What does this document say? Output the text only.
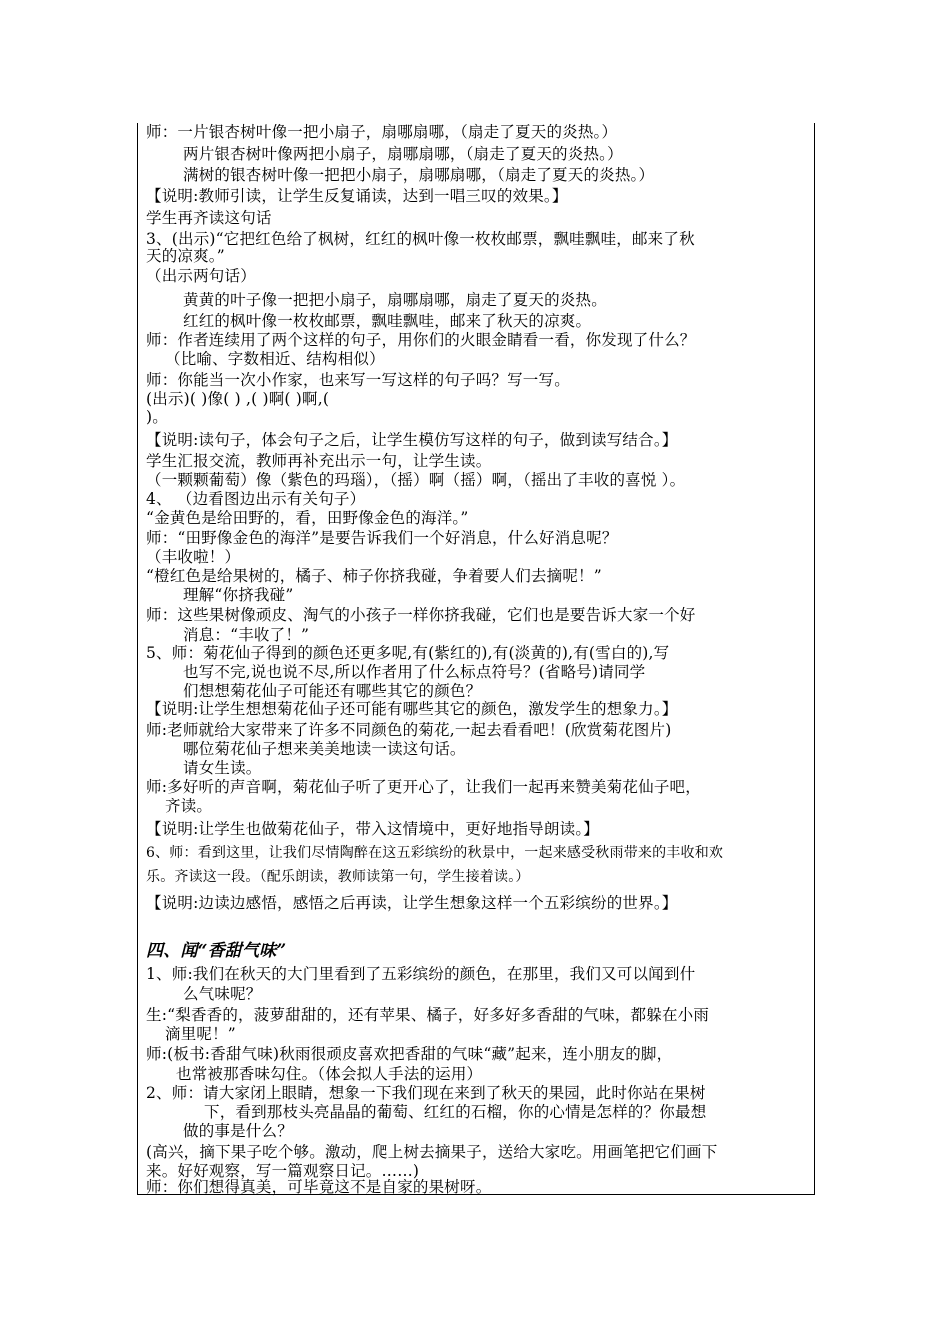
师：一片银杏树叶像一把小扇子，扇哪扇哪，（扇走了夏天的炎热。）
两片银杏树叶像两把小扇子，扇哪扇哪，（扇走了夏天的炎热。）
满树的银杏树叶像一把把小扇子，扇哪扇哪，（扇走了夏天的炎热。）
【说明:教师引读，让学生反复诵读，达到一唱三叹的效果。】
学生再齐读这句话
3、(出示)“它把红色给了枫树，红红的枫叶像一枚枚邮票，飘哇飘哇，邮来了秋
天的凉爽。”
（出示两句话）
黄黄的叶子像一把把小扇子，扇哪扇哪，扇走了夏天的炎热。
红红的枫叶像一枚枚邮票，飘哇飘哇，邮来了秋天的凉爽。
师：作者连续用了两个这样的句子，用你们的火眼金睛看一看，你发现了什么？
（比喻、字数相近、结构相似）
师：你能当一次小作家，也来写一写这样的句子吗？写一写。
(出示)( )像( ) ,( )啊( )啊,(
)。
【说明:读句子，体会句子之后，让学生模仿写这样的句子，做到读写结合。】
学生汇报交流，教师再补充出示一句，让学生读。
（一颗颗葡萄）像（紫色的玛瑙），（摇）啊（摇）啊，（摇出了丰收的喜悦 ）。
4、 （边看图边出示有关句子）
“金黄色是给田野的，看，田野像金色的海洋。”
师：“田野像金色的海洋”是要告诉我们一个好消息，什么好消息呢？
（丰收啦！）
“橙红色是给果树的，橘子、柿子你挤我碰，争着要人们去摘呢！”
理解“你挤我碰”
师：这些果树像顽皮、淘气的小孩子一样你挤我碰，它们也是要告诉大家一个好
消息：“丰收了！”
5、师：菊花仙子得到的颜色还更多呢,有(紫红的),有(淡黄的),有(雪白的),写
也写不完,说也说不尽,所以作者用了什么标点符号？(省略号)请同学
们想想菊花仙子可能还有哪些其它的颜色？
【说明:让学生想想菊花仙子还可能有哪些其它的颜色，激发学生的想象力。】
师:老师就给大家带来了许多不同颜色的菊花,一起去看看吧！(欣赏菊花图片)
哪位菊花仙子想来美美地读一读这句话。
请女生读。
师:多好听的声音啊，菊花仙子听了更开心了，让我们一起再来赞美菊花仙子吧，
齐读。
【说明:让学生也做菊花仙子，带入这情境中，更好地指导朗读。】
6、师：看到这里，让我们尽情陶醉在这五彩缤纷的秋景中，一起来感受秋雨带来的丰收和欢
乐。齐读这一段。（配乐朗读，教师读第一句，学生接着读。）
【说明:边读边感悟，感悟之后再读，让学生想象这样一个五彩缤纷的世界。】
四、闻“香甜气味”
1、师:我们在秋天的大门里看到了五彩缤纷的颜色，在那里，我们又可以闻到什
么气味呢？
生:“梨香香的，菠萝甜甜的，还有苹果、橘子，好多好多香甜的气味，都躲在小雨
滴里呢！”
师:(板书:香甜气味)秋雨很顽皮喜欢把香甜的气味“藏”起来，连小朋友的脚，
也常被那香味勾住。（体会拟人手法的运用）
2、师：请大家闭上眼睛，想象一下我们现在来到了秋天的果园，此时你站在果树
下，看到那枝头亮晶晶的葡萄、红红的石榴，你的心情是怎样的？你最想
做的事是什么？
(高兴，摘下果子吃个够。激动，爬上树去摘果子，送给大家吃。用画笔把它们画下
来。好好观察，写一篇观察日记。……)
师：你们想得真美，可毕竟这不是自家的果树呀。
